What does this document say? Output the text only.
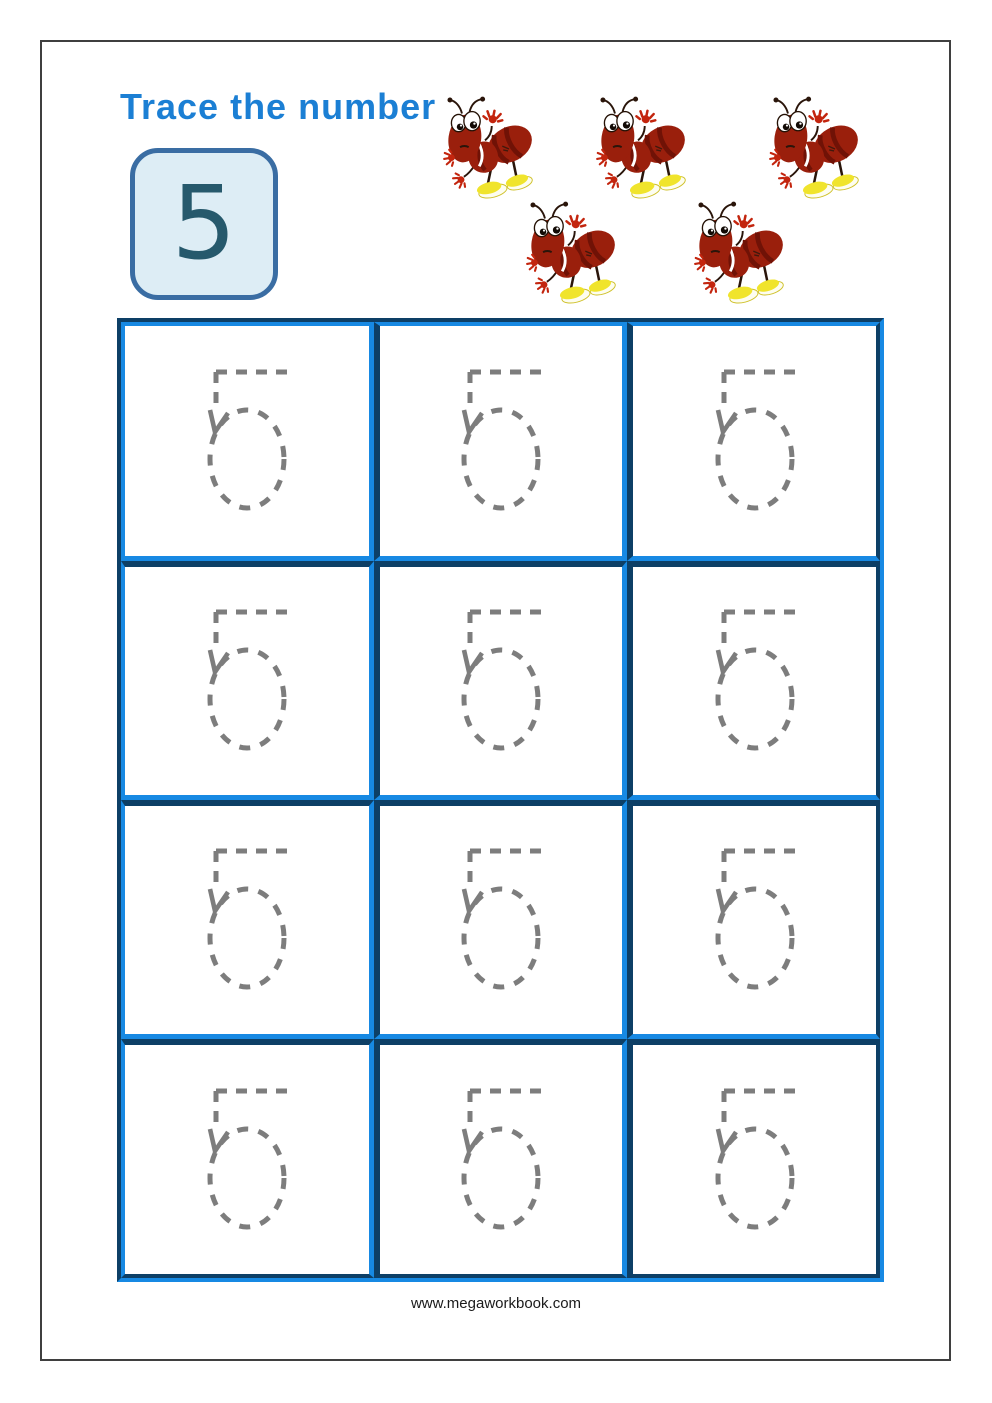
Trace the number
5
www.megaworkbook.com
